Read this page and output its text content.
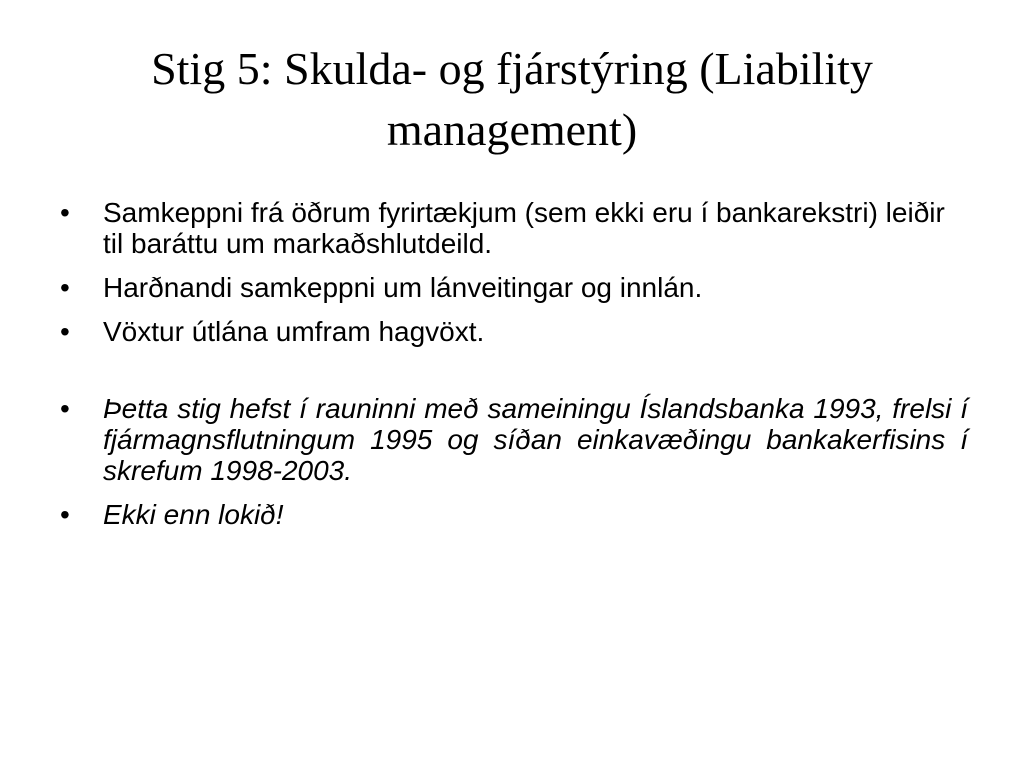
Stig 5: Skulda- og fjárstýring (Liability management)
•	Samkeppni frá öðrum fyrirtækjum (sem ekki eru í bankarekstri) leiðir til baráttu um markaðshlutdeild.
•	Harðnandi samkeppni um lánveitingar og innlán.
•	Vöxtur útlána umfram hagvöxt.
•	Þetta stig hefst í rauninni með sameiningu Íslandsbanka 1993, frelsi í fjármagnsflutningum 1995 og síðan einkavæðingu bankakerfisins í skrefum 1998-2003.
•	Ekki enn lokið!
